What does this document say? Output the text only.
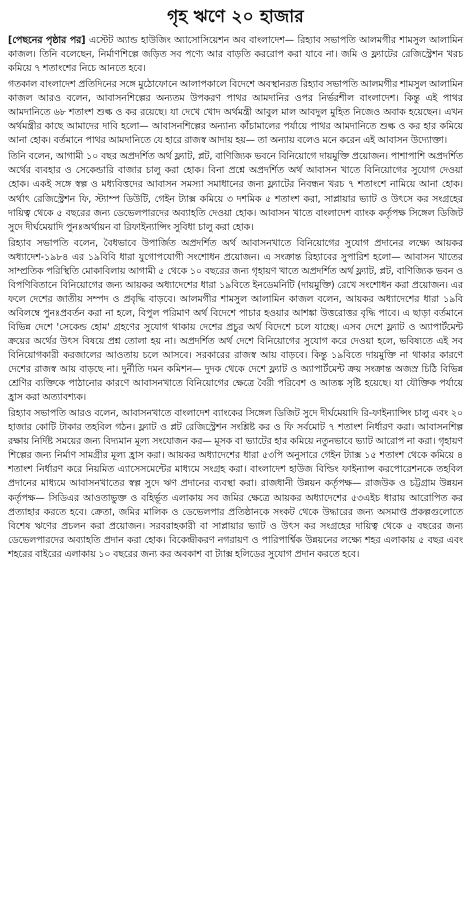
গৃহ ঋণে ২০ হাজার

[পেছনের পৃষ্ঠার পর] এস্টেট অ্যান্ড হাউজিং অ্যাসোসিয়েশন অব বাংলাদেশ— রিহ্যাব সভাপতি আলমগীর শামসুল আলামিন কাজল। তিনি বলেছেন, নির্মাণশিল্পে জড়িত সব পণ্যে আর বাড়তি কররোপ করা যাবে না। জমি ও ফ্ল্যাটের রেজিস্ট্রেশন খরচ কমিয়ে ৭ শতাংশের নিচে আনতে হবে।

গতকাল বাংলাদেশ প্রতিদিনের সঙ্গে মুঠোফোনে আলাপকালে বিদেশে অবস্থানরত রিহ্যাব সভাপতি আলমগীর শামসুল আলামিন কাজল আরও বলেন, আবাসনশিল্পের অন্যতম উপকরণ পাথর আমদানির ওপর নির্ভরশীল বাংলাদেশ। কিন্তু এই পাথর আমদানিতে ৬৮ শতাংশ শুল্ক ও কর রয়েছে। যা দেখে খোদ অর্থমন্ত্রী আবুল মাল আবদুল মুহিত নিজেও অবাক হয়েছেন। এখন অর্থমন্ত্রীর কাছে আমাদের দাবি হলো— আবাসনশিল্পের অন্যান্য কাঁচামালের পর্যায়ে পাথর আমদানিতে শুল্ক ও কর হার কমিয়ে আনা হোক। বর্তমানে পাথর আমদানিতে যে হারে রাজস্ব আদায় হয়— তা অন্যায় বলেও মনে করেন এই আবাসন উদ্যোক্তা।

তিনি বলেন, আগামী ১০ বছর অপ্রদর্শিত অর্থ ফ্ল্যাট, প্লট, বাণিজ্যিক ভবনে বিনিয়োগে দায়মুক্তি প্রয়োজন। পাশাপাশি অপ্রদর্শিত অর্থের ব্যবহার ও সেকেন্ডারি বাজার চালু করা হোক। বিনা প্রশ্নে অপ্রদর্শিত অর্থ আবাসন খাতে বিনিয়োগের সুযোগ দেওয়া হোক। একই সঙ্গে স্বল্প ও মধ্যবিত্তদের আবাসন সমস্যা সমাধানের জন্য ফ্ল্যাটের নিবন্ধন খরচ ৭ শতাংশে নামিয়ে আনা হোক। অর্থাৎ রেজিস্ট্রেশন ফি, স্ট্যাম্প ডিউটি, গেইন ট্যাক্স কমিয়ে ৩ দশমিক ৫ শতাংশ করা, সাপ্লায়ার ভ্যাট ও উৎসে কর সংগ্রহের দায়িত্ব থেকে ৫ বছরের জন্য ডেভেলপারদের অব্যাহতি দেওয়া হোক। আবাসন খাতে বাংলাদেশ ব্যাংক কর্তৃপক্ষ সিঙ্গেল ডিজিট সুদে দীর্ঘমেয়াদি পুনঃঅর্থায়ন বা রিফাইন্যান্সিং সুবিধা চালু করা হোক।

রিহ্যাব সভাপতি বলেন, বৈধভাবে উপার্জিত অপ্রদর্শিত অর্থ আবাসনখাতে বিনিয়োগের সুযোগ প্রদানের লক্ষ্যে আয়কর অধ্যাদেশ-১৯৮৪ এর ১৯বিবি ধারা যুগোপযোগী সংশোধন প্রয়োজন। এ সংক্রান্ত রিহ্যাবের সুপারিশ হলো— আবাসন খাতের সাম্প্রতিক পরিস্থিতি মোকাবিলায় আগামী ৫ থেকে ১০ বছরের জন্য গৃহায়ণ খাতে অপ্রদর্শিত অর্থ ফ্ল্যাট, প্লট, বাণিজ্যিক ভবন ও বিপণিবিতানে বিনিয়োগের জন্য আয়কর অধ্যাদেশের ধারা ১৯বিতে ইনডেমনিটি (দায়মুক্তি) রেখে সংশোধন করা প্রয়োজন। এর ফলে দেশের জাতীয় সম্পদ ও প্রবৃদ্ধি বাড়বে। আলমগীর শামসুল আলামিন কাজল বলেন, আয়কর অধ্যাদেশের ধারা ১৯বি অবিলম্বে পুনঃপ্রবর্তন করা না হলে, বিপুল পরিমাণ অর্থ বিদেশে পাচার হওয়ার আশঙ্কা উত্তরোত্তর বৃদ্ধি পাবে। এ ছাড়া বর্তমানে বিভিন্ন দেশে 'সেকেন্ড হোম' গ্রহণের সুযোগ থাকায় দেশের প্রচুর অর্থ বিদেশে চলে যাচ্ছে। এসব দেশে ফ্ল্যাট ও অ্যাপার্টমেন্ট ক্রয়ের অর্থের উৎস বিষয়ে প্রশ্ন তোলা হয় না। অপ্রদর্শিত অর্থ দেশে বিনিয়োগের সুযোগ করে দেওয়া হলে, ভবিষ্যতে এই সব বিনিয়োগকারী করজালের আওতায় চলে আসবে। সরকারের রাজস্ব আয় বাড়বে। কিন্তু ১৯বিতে দায়মুক্তি না থাকার কারণে দেশের রাজস্ব আয় বাড়ছে না। দুর্নীতি দমন কমিশন— দুদক থেকে দেশে ফ্ল্যাট ও অ্যাপার্টমেন্ট ক্রয় সংক্রান্ত অজস্র চিঠি বিভিন্ন শ্রেণির ব্যক্তিকে পাঠানোর কারণে আবাসনখাতে বিনিয়োগের ক্ষেত্রে বৈরী পরিবেশ ও আতঙ্ক সৃষ্টি হয়েছে। যা যৌক্তিক পর্যায়ে হ্রাস করা অত্যাবশ্যক।

রিহ্যাব সভাপতি আরও বলেন, আবাসনখাতে বাংলাদেশ ব্যাংকের সিঙ্গেল ডিজিট সুদে দীর্ঘমেয়াদি রি-ফাইন্যান্সিং চালু এবং ২০ হাজার কোটি টাকার তহবিল গঠন। ফ্ল্যাট ও প্লট রেজিস্ট্রেশন সংশ্লিষ্ট কর ও ফি সর্বমোট ৭ শতাংশ নির্ধারণ করা। আবাসনশিল্প রক্ষায় নির্দিষ্ট সময়ের জন্য বিদ্যমান মূল্য সংযোজন কর— মূসক বা ভ্যাটের হার কমিয়ে নতুনভাবে ভ্যাট আরোপ না করা। গৃহায়ণ শিল্পের জন্য নির্মাণ সামগ্রীর মূল্য হ্রাস করা। আয়কর অধ্যাদেশের ধারা ৫৩পি অনুসারে গেইন ট্যাক্স ১৫ শতাংশ থেকে কমিয়ে ৪ শতাংশ নির্ধারণ করে নিয়মিত এ্যাসেসমেন্টের মাধ্যমে সংগ্রহ করা। বাংলাদেশ হাউজ বিল্ডিং ফাইন্যান্স করপোরেশনকে তহবিল প্রদানের মাধ্যমে আবাসনখাতের স্বল্প সুদে ঋণ প্রদানের ব্যবস্থা করা। রাজধানী উন্নয়ন কর্তৃপক্ষ— রাজউক ও চট্টগ্রাম উন্নয়ন কর্তৃপক্ষ— সিডিএর আওতাভুক্ত ও বহির্ভূত এলাকায় সব জমির ক্ষেত্রে আয়কর অধ্যাদেশের ৫৩এইচ ধারায় আরোপিত কর প্রত্যাহার করতে হবে। ক্রেতা, জমির মালিক ও ডেভেলপার প্রতিষ্ঠানকে সংকট থেকে উদ্ধারের জন্য অসমাপ্ত প্রকল্পগুলোতে বিশেষ ঋণের প্রচলন করা প্রয়োজন। সরবরাহকারী বা সাপ্লায়ার ভ্যাট ও উৎস কর সংগ্রহের দায়িত্ব থেকে ৫ বছরের জন্য ডেভেলপারদের অব্যাহতি প্রদান করা হোক। বিকেন্দ্রীকরণ নগরায়ণ ও পারিপার্শ্বিক উন্নয়নের লক্ষ্যে শহর এলাকায় ৫ বছর এবং শহরের বাইরের এলাকায় ১০ বছরের জন্য কর অবকাশ বা ট্যাক্স হলিডের সুযোগ প্রদান করতে হবে।
